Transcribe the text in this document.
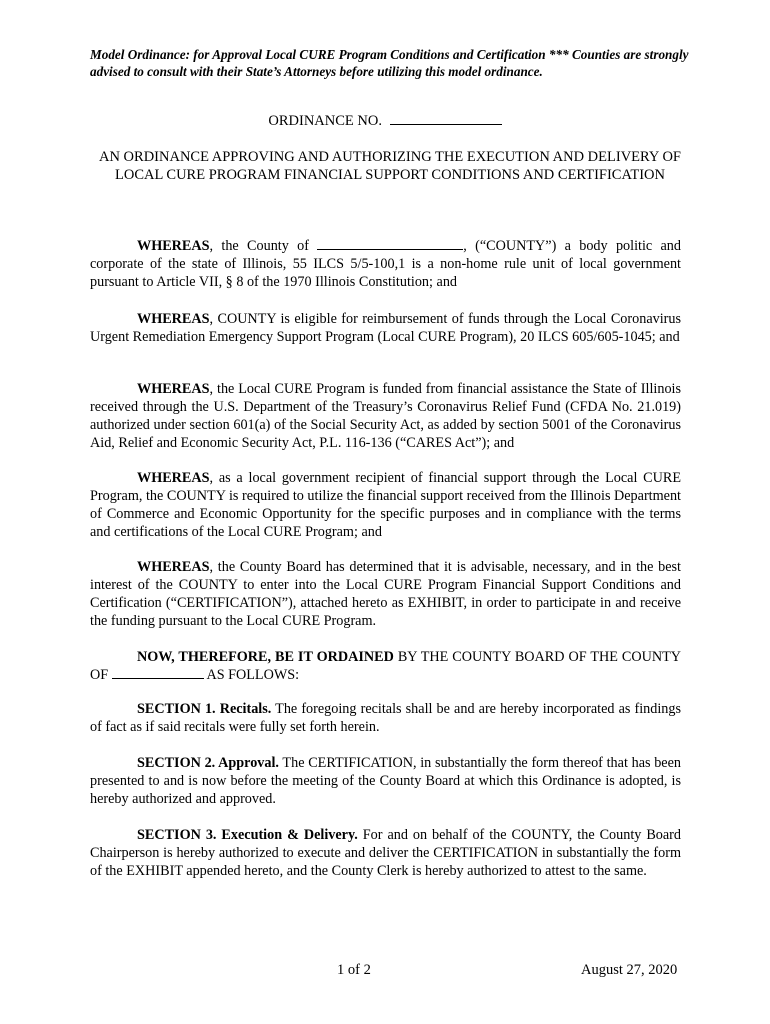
Model Ordinance: for Approval Local CURE Program Conditions and Certification *** Counties are strongly advised to consult with their State’s Attorneys before utilizing this model ordinance.
ORDINANCE NO.
AN ORDINANCE APPROVING AND AUTHORIZING THE EXECUTION AND DELIVERY OF LOCAL CURE PROGRAM FINANCIAL SUPPORT CONDITIONS AND CERTIFICATION

WHEREAS, the County of	, (“COUNTY”) a body politic and corporate of the state of Illinois, 55 ILCS 5/5-100,1 is a non-home rule unit of local government pursuant to Article VII, § 8 of the 1970 Illinois Constitution; and

WHEREAS, COUNTY is eligible for reimbursement of funds through the Local Coronavirus Urgent Remediation Emergency Support Program (Local CURE Program), 20 ILCS 605/605-1045; and

WHEREAS, the Local CURE Program is funded from financial assistance the State of Illinois received through the U.S. Department of the Treasury’s Coronavirus Relief Fund (CFDA No. 21.019) authorized under section 601(a) of the Social Security Act, as added by section 5001 of the Coronavirus Aid, Relief and Economic Security Act, P.L. 116-136 (“CARES Act”); and

WHEREAS, as a local government recipient of financial support through the Local CURE Program, the COUNTY is required to utilize the financial support received from the Illinois Department of Commerce and Economic Opportunity for the specific purposes and in compliance with the terms and certifications of the Local CURE Program; and

WHEREAS, the County Board has determined that it is advisable, necessary, and in the best interest of the COUNTY to enter into the Local CURE Program Financial Support Conditions and Certification (“CERTIFICATION”), attached hereto as EXHIBIT, in order to participate in and receive the funding pursuant to the Local CURE Program.

NOW, THEREFORE, BE IT ORDAINED BY THE COUNTY BOARD OF THE COUNTY OF	AS FOLLOWS:

SECTION 1. Recitals. The foregoing recitals shall be and are hereby incorporated as findings of fact as if said recitals were fully set forth herein.

SECTION 2. Approval. The CERTIFICATION, in substantially the form thereof that has been presented to and is now before the meeting of the County Board at which this Ordinance is adopted, is hereby authorized and approved.

SECTION 3. Execution & Delivery. For and on behalf of the COUNTY, the County Board Chairperson is hereby authorized to execute and deliver the CERTIFICATION in substantially the form of the EXHIBIT appended hereto, and the County Clerk is hereby authorized to attest to the same.

1 of 2	August 27, 2020
